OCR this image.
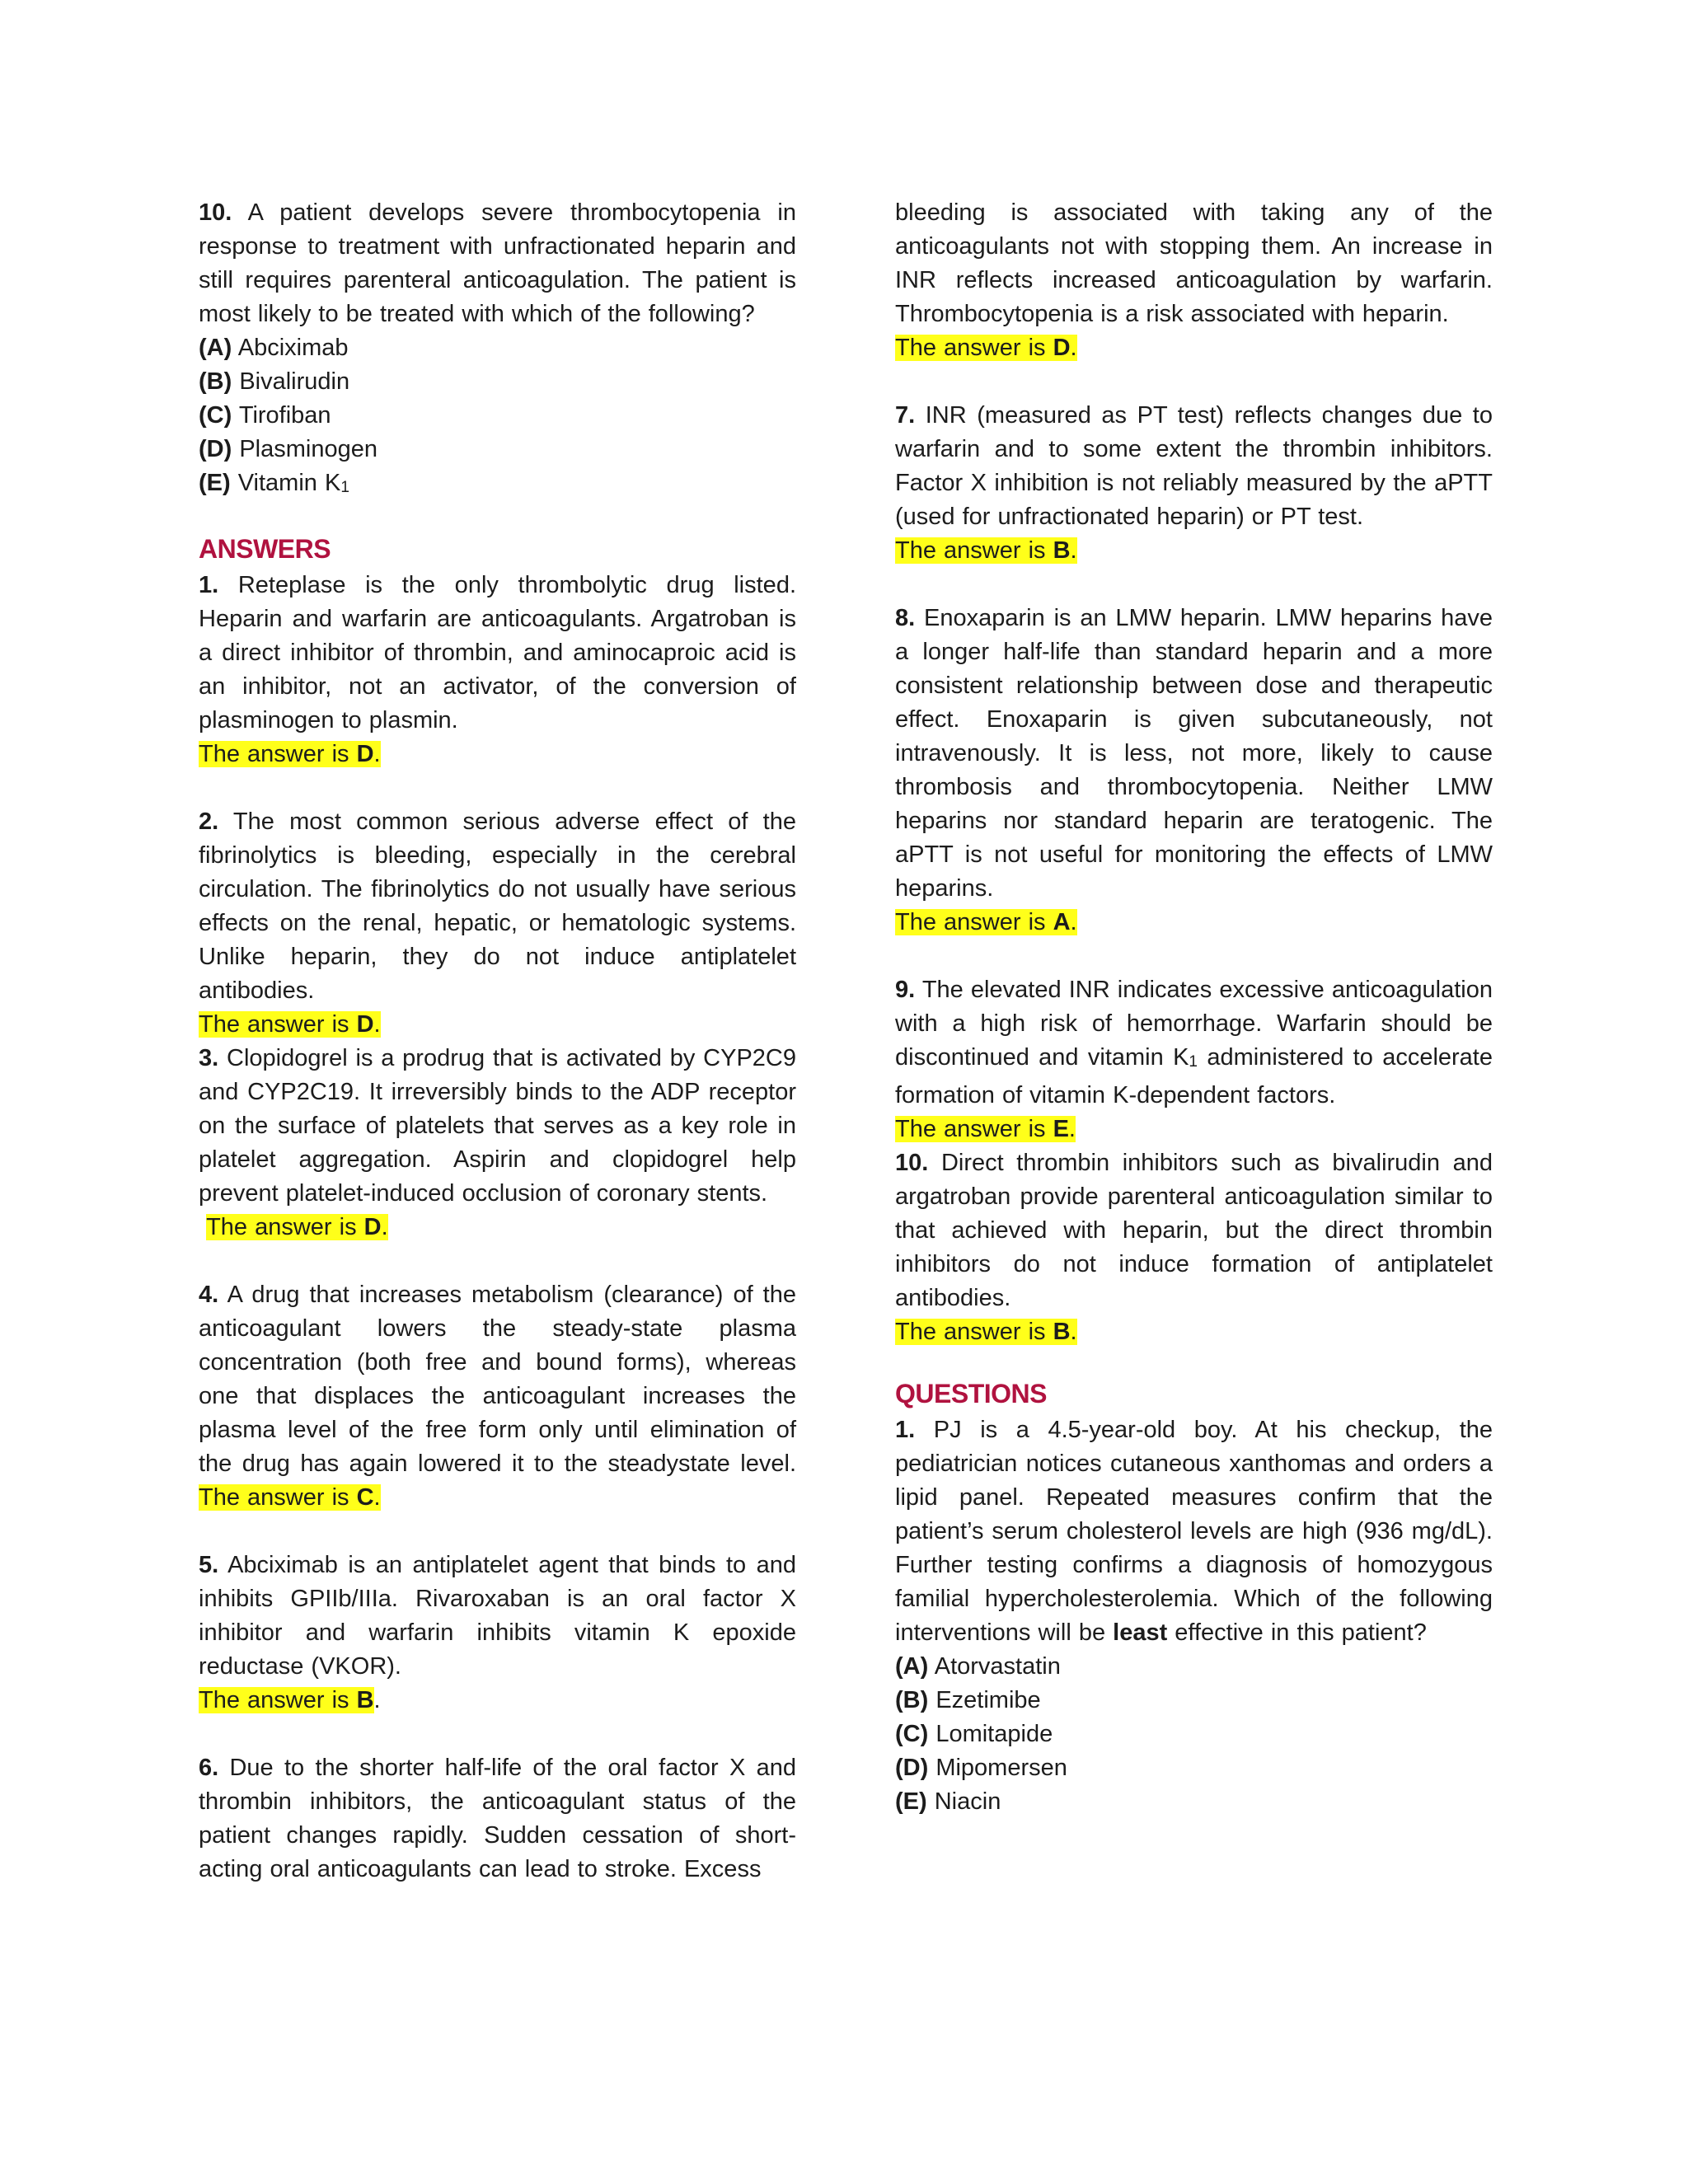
10. A patient develops severe thrombocytopenia in response to treatment with unfractionated heparin and still requires parenteral anticoagulation. The patient is most likely to be treated with which of the following?

(A) Abciximab

(B) Bivalirudin

(C) Tirofiban

(D) Plasminogen

(E) Vitamin $K_1$

ANSWERS

1. Reteplase is the only thrombolytic drug listed. Heparin and warfarin are anticoagulants. Argatroban is a direct inhibitor of thrombin, and aminocaproic acid is an inhibitor, not an activator, of the conversion of plasminogen to plasmin.

The answer is D.

2. The most common serious adverse effect of the fibrinolytics is bleeding, especially in the cerebral circulation. The fibrinolytics do not usually have serious effects on the renal, hepatic, or hematologic systems. Unlike heparin, they do not induce antiplatelet antibodies.

The answer is D.

3. Clopidogrel is a prodrug that is activated by CYP2C9 and CYP2C19. It irreversibly binds to the ADP receptor on the surface of platelets that serves as a key role in platelet aggregation. Aspirin and clopidogrel help prevent platelet-induced occlusion of coronary stents.

The answer is D.

4. A drug that increases metabolism (clearance) of the anticoagulant lowers the steady-state plasma concentration (both free and bound forms), whereas one that displaces the anticoagulant increases the plasma level of the free form only until elimination of the drug has again lowered it to the steadystate level. The answer is C.

5. Abciximab is an antiplatelet agent that binds to and inhibits GPIIb/IIIa. Rivaroxaban is an oral factor X inhibitor and warfarin inhibits vitamin K epoxide reductase (VKOR).

The answer is B.

6. Due to the shorter half-life of the oral factor X and thrombin inhibitors, the anticoagulant status of the patient changes rapidly. Sudden cessation of short-acting oral anticoagulants can lead to stroke. Excess

bleeding is associated with taking any of the anticoagulants not with stopping them. An increase in INR reflects increased anticoagulation by warfarin. Thrombocytopenia is a risk associated with heparin.

The answer is D.

7. INR (measured as PT test) reflects changes due to warfarin and to some extent the thrombin inhibitors. Factor X inhibition is not reliably measured by the aPTT (used for unfractionated heparin) or PT test.

The answer is B.

8. Enoxaparin is an LMW heparin. LMW heparins have a longer half-life than standard heparin and a more consistent relationship between dose and therapeutic effect. Enoxaparin is given subcutaneously, not intravenously. It is less, not more, likely to cause thrombosis and thrombocytopenia. Neither LMW heparins nor standard heparin are teratogenic. The aPTT is not useful for monitoring the effects of LMW heparins.

The answer is A.

9. The elevated INR indicates excessive anticoagulation with a high risk of hemorrhage. Warfarin should be discontinued and vitamin $K_1$ administered to accelerate formation of vitamin K-dependent factors.

The answer is E.

10. Direct thrombin inhibitors such as bivalirudin and argatroban provide parenteral anticoagulation similar to that achieved with heparin, but the direct thrombin inhibitors do not induce formation of antiplatelet antibodies.

The answer is B.

QUESTIONS

1. PJ is a 4.5-year-old boy. At his checkup, the pediatrician notices cutaneous xanthomas and orders a lipid panel. Repeated measures confirm that the patient’s serum cholesterol levels are high (936 mg/dL). Further testing confirms a diagnosis of homozygous familial hypercholesterolemia. Which of the following interventions will be least effective in this patient?

(A) Atorvastatin

(B) Ezetimibe

(C) Lomitapide

(D) Mipomersen

(E) Niacin
